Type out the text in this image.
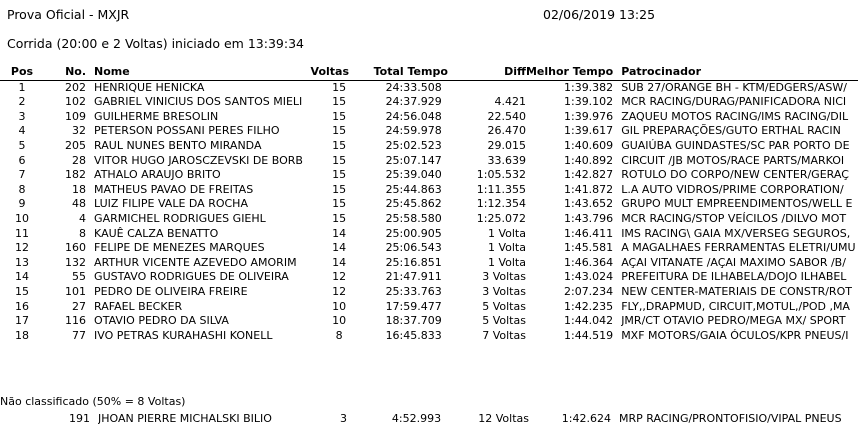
Prova Oficial - MXJR	02/06/2019 13:25
Corrida (20:00 e 2 Voltas) iniciado em 13:39:34
Pos	No.	Nome	Voltas	Total Tempo	Diff	Melhor Tempo	Patrocinador
1	202	HENRIQUE HENICKA	15	24:33.508		1:39.382	SUB 27/ORANGE BH - KTM/EDGERS/ASW/
2	102	GABRIEL VINICIUS DOS SANTOS MIELI	15	24:37.929	4.421	1:39.102	MCR RACING/DURAG/PANIFICADORA NICI
3	109	GUILHERME BRESOLIN	15	24:56.048	22.540	1:39.976	ZAQUEU MOTOS RACING/IMS RACING/DIL
4	32	PETERSON POSSANI PERES FILHO	15	24:59.978	26.470	1:39.617	GIL PREPARAÇÕES/GUTO ERTHAL RACIN
5	205	RAUL NUNES BENTO MIRANDA	15	25:02.523	29.015	1:40.609	GUAIÚBA GUINDASTES/SC PAR PORTO DE
6	28	VITOR HUGO JAROSCZEVSKI DE BORB	15	25:07.147	33.639	1:40.892	CIRCUIT /JB MOTOS/RACE PARTS/MARKOI
7	182	ATHALO ARAUJO BRITO	15	25:39.040	1:05.532	1:42.827	ROTULO DO CORPO/NEW CENTER/GERAÇ
8	18	MATHEUS PAVAO DE FREITAS	15	25:44.863	1:11.355	1:41.872	L.A AUTO VIDROS/PRIME CORPORATION/
9	48	LUIZ FILIPE VALE DA ROCHA	15	25:45.862	1:12.354	1:43.652	GRUPO MULT EMPREENDIMENTOS/WELL E
10	4	GARMICHEL RODRIGUES GIEHL	15	25:58.580	1:25.072	1:43.796	MCR RACING/STOP VEÍCILOS /DILVO MOT
11	8	KAUÊ CALZA BENATTO	14	25:00.905	1 Volta	1:46.411	IMS RACING\ GAIA MX/VERSEG SEGUROS,
12	160	FELIPE DE MENEZES MARQUES	14	25:06.543	1 Volta	1:45.581	A MAGALHAES FERRAMENTAS ELETRI/UMU
13	132	ARTHUR VICENTE AZEVEDO AMORIM	14	25:16.851	1 Volta	1:46.364	AÇAI VITANATE /AÇAI MAXIMO SABOR /B/
14	55	GUSTAVO RODRIGUES DE OLIVEIRA	12	21:47.911	3 Voltas	1:43.024	PREFEITURA DE ILHABELA/DOJO ILHABEL
15	101	PEDRO DE OLIVEIRA FREIRE	12	25:33.763	3 Voltas	2:07.234	NEW CENTER-MATERIAIS DE CONSTR/ROT
16	27	RAFAEL BECKER	10	17:59.477	5 Voltas	1:42.235	FLY,,DRAPMUD, CIRCUIT,MOTUL,/POD ,MA
17	116	OTAVIO PEDRO DA SILVA	10	18:37.709	5 Voltas	1:44.042	JMR/CT OTAVIO PEDRO/MEGA MX/ SPORT
18	77	IVO PETRAS KURAHASHI KONELL	8	16:45.833	7 Voltas	1:44.519	MXF MOTORS/GAIA ÓCULOS/KPR PNEUS/I
Não classificado (50% = 8 Voltas)
	191	JHOAN PIERRE MICHALSKI BILIO	3	4:52.993	12 Voltas	1:42.624	MRP RACING/PRONTOFISIO/VIPAL PNEUS
